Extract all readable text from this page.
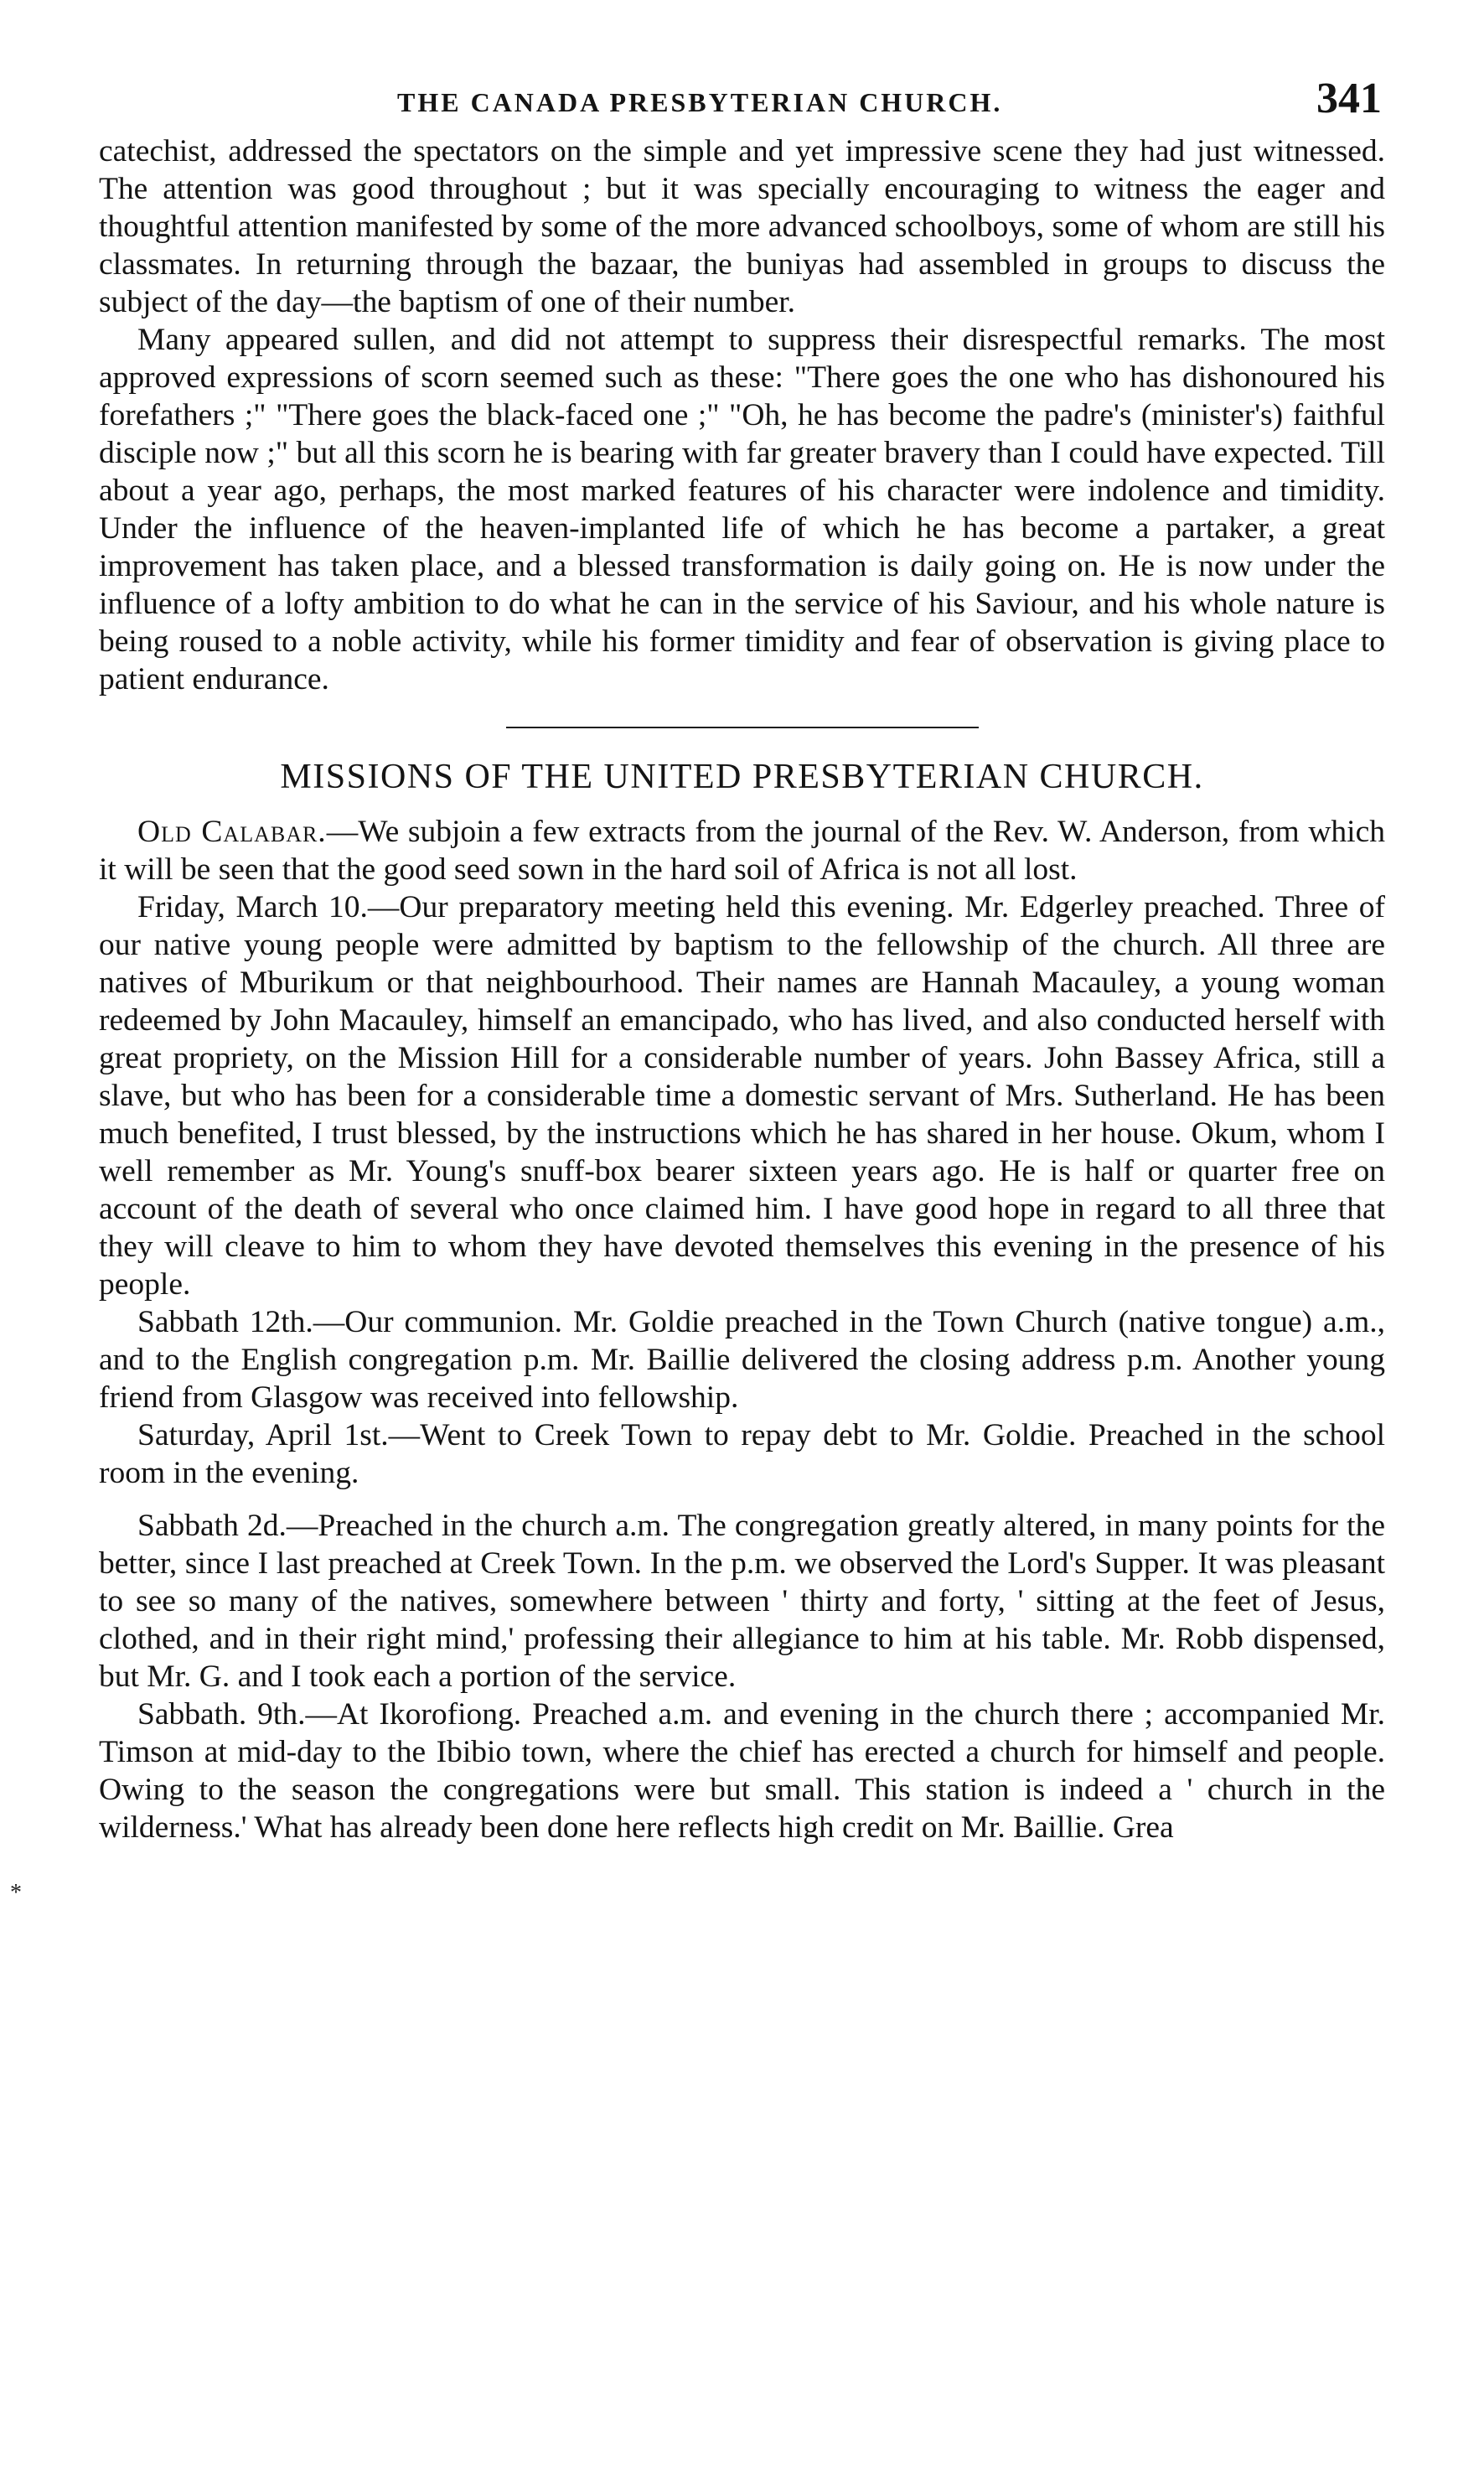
THE CANADA PRESBYTERIAN CHURCH.	341

catechist, addressed the spectators on the simple and yet impressive scene they had just witnessed. The attention was good throughout ; but it was specially encouraging to witness the eager and thoughtful attention manifested by some of the more advanced schoolboys, some of whom are still his classmates. In returning through the bazaar, the buniyas had assembled in groups to discuss the subject of the day—the baptism of one of their number.

Many appeared sullen, and did not attempt to suppress their disrespectful remarks. The most approved expressions of scorn seemed such as these: "There goes the one who has dishonoured his forefathers ;" "There goes the black-faced one ;" "Oh, he has become the padre's (minister's) faithful disciple now ;" but all this scorn he is bearing with far greater bravery than I could have expected. Till about a year ago, perhaps, the most marked features of his character were indolence and timidity. Under the influence of the heaven-implanted life of which he has become a partaker, a great improvement has taken place, and a blessed transformation is daily going on. He is now under the influence of a lofty ambition to do what he can in the service of his Saviour, and his whole nature is being roused to a noble activity, while his former timidity and fear of observation is giving place to patient endurance.

MISSIONS OF THE UNITED PRESBYTERIAN CHURCH.

Old Calabar.—We subjoin a few extracts from the journal of the Rev. W. Anderson, from which it will be seen that the good seed sown in the hard soil of Africa is not all lost.

Friday, March 10.—Our preparatory meeting held this evening. Mr. Edgerley preached. Three of our native young people were admitted by baptism to the fellowship of the church. All three are natives of Mburikum or that neighbourhood. Their names are Hannah Macauley, a young woman redeemed by John Macauley, himself an emancipado, who has lived, and also conducted herself with great propriety, on the Mission Hill for a considerable number of years. John Bassey Africa, still a slave, but who has been for a considerable time a domestic servant of Mrs. Sutherland. He has been much benefited, I trust blessed, by the instructions which he has shared in her house. Okum, whom I well remember as Mr. Young's snuff-box bearer sixteen years ago. He is half or quarter free on account of the death of several who once claimed him. I have good hope in regard to all three that they will cleave to him to whom they have devoted themselves this evening in the presence of his people.

Sabbath 12th.—Our communion. Mr. Goldie preached in the Town Church (native tongue) a.m., and to the English congregation p.m. Mr. Baillie delivered the closing address p.m. Another young friend from Glasgow was received into fellowship.

Saturday, April 1st.—Went to Creek Town to repay debt to Mr. Goldie. Preached in the school room in the evening.

Sabbath 2d.—Preached in the church a.m. The congregation greatly altered, in many points for the better, since I last preached at Creek Town. In the p.m. we observed the Lord's Supper. It was pleasant to see so many of the natives, somewhere between ' thirty and forty, ' sitting at the feet of Jesus, clothed, and in their right mind,' professing their allegiance to him at his table. Mr. Robb dispensed, but Mr. G. and I took each a portion of the service.

Sabbath. 9th.—At Ikorofiong. Preached a.m. and evening in the church there ; accompanied Mr. Timson at mid-day to the Ibibio town, where the chief has erected a church for himself and people. Owing to the season the congregations were but small. This station is indeed a ' church in the wilderness.' What has already been done here reflects high credit on Mr. Baillie. Grea

*
